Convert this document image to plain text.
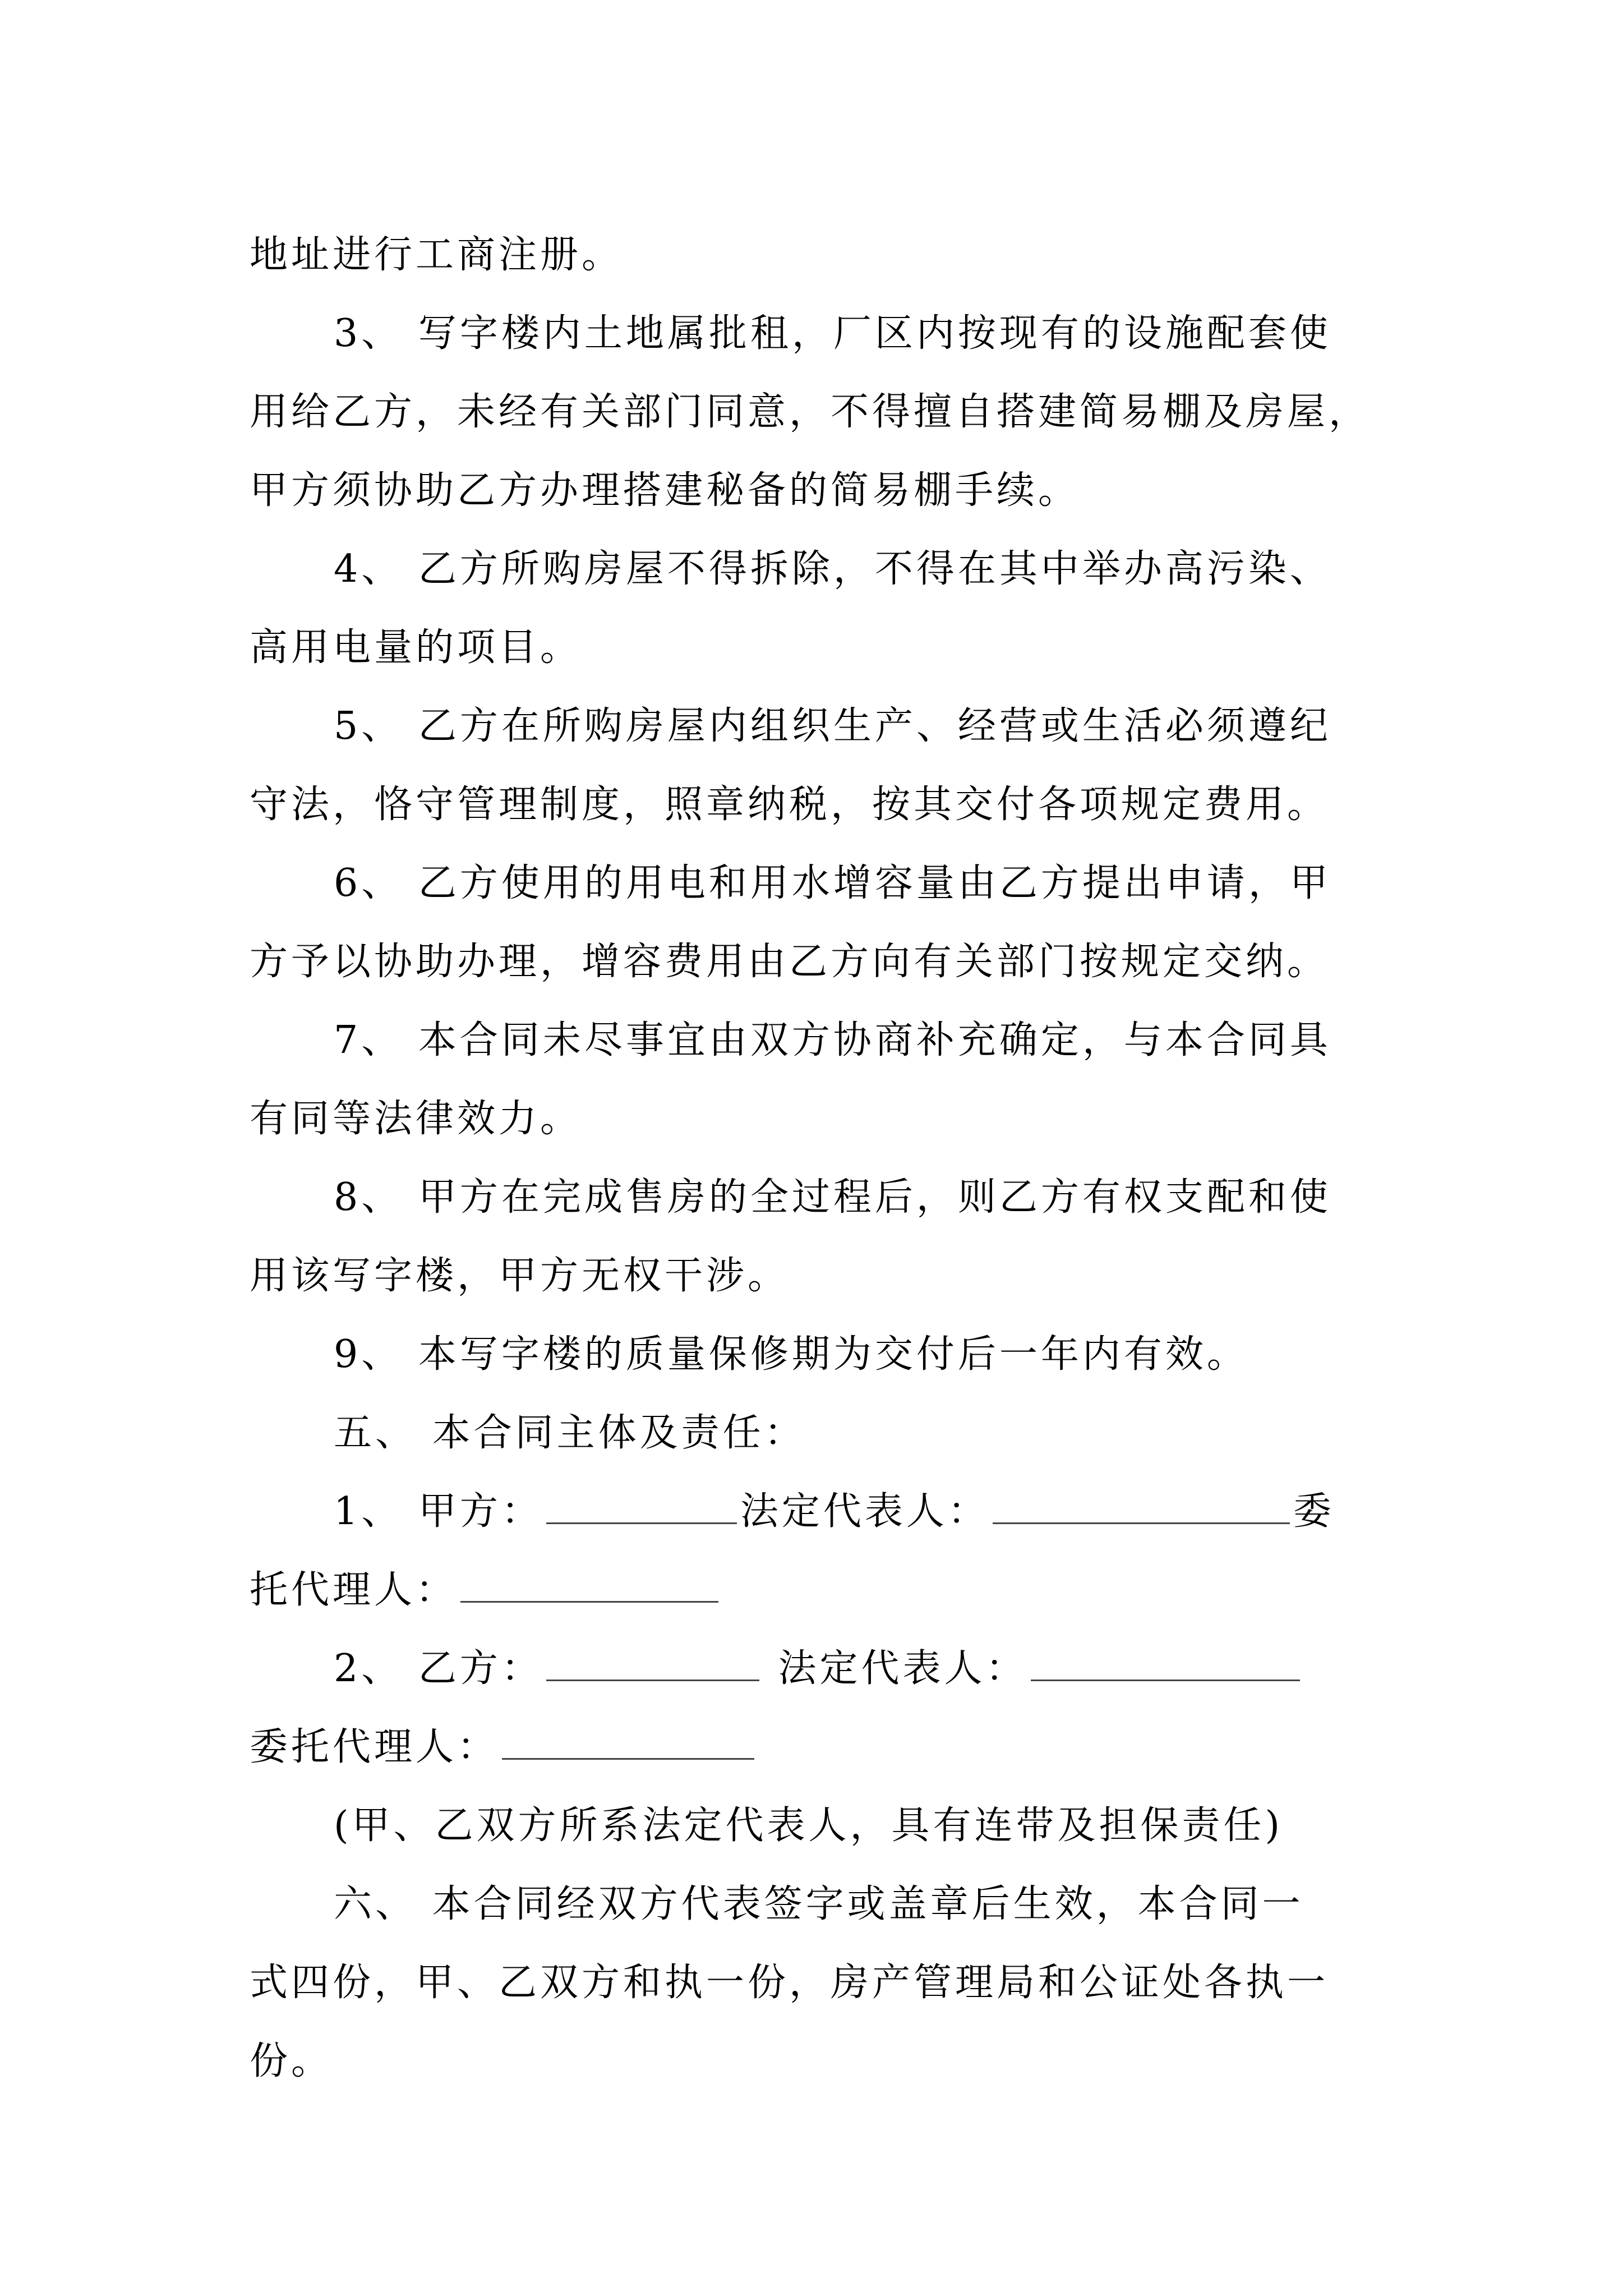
地址进行工商注册。

3、 写字楼内土地属批租，厂区内按现有的设施配套使
用给乙方，未经有关部门同意，不得擅自搭建简易棚及房屋，
甲方须协助乙方办理搭建秘备的简易棚手续。

4、 乙方所购房屋不得拆除，不得在其中举办高污染、
高用电量的项目。

5、 乙方在所购房屋内组织生产、经营或生活必须遵纪
守法，恪守管理制度，照章纳税，按其交付各项规定费用。

6、 乙方使用的用电和用水增容量由乙方提出申请，甲
方予以协助办理，增容费用由乙方向有关部门按规定交纳。

7、 本合同未尽事宜由双方协商补充确定，与本合同具
有同等法律效力。

8、 甲方在完成售房的全过程后，则乙方有权支配和使
用该写字楼，甲方无权干涉。

9、 本写字楼的质量保修期为交付后一年内有效。

五、 本合同主体及责任：

1、 甲方：	法定代表人：	委
托代理人：

2、 乙方：	法定代表人：
委托代理人：

(甲、乙双方所系法定代表人，具有连带及担保责任)

六、 本合同经双方代表签字或盖章后生效，本合同一
式四份，甲、乙双方和执一份，房产管理局和公证处各执一
份。
